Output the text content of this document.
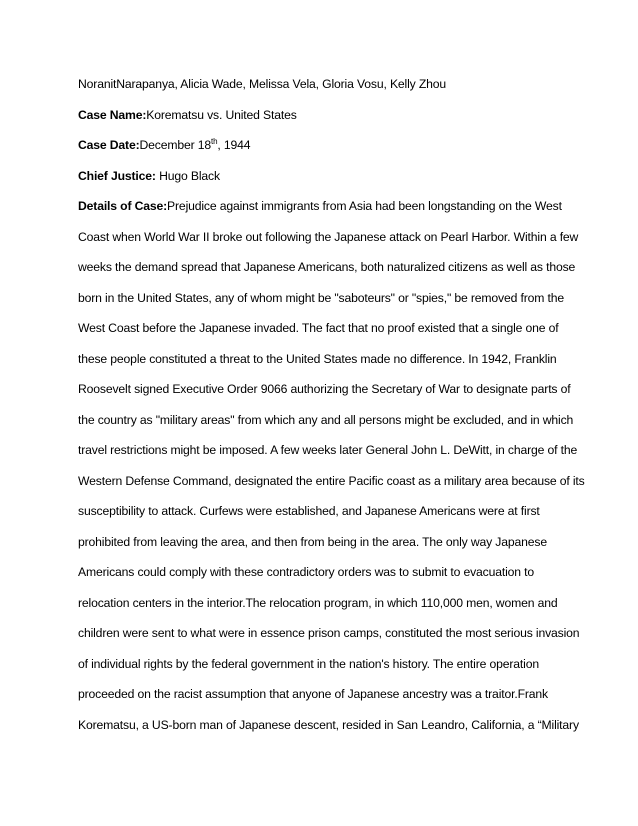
NoranitNarapanya, Alicia Wade, Melissa Vela, Gloria Vosu, Kelly Zhou
Case Name:Korematsu vs. United States
Case Date:December 18th, 1944
Chief Justice: Hugo Black
Details of Case:Prejudice against immigrants from Asia had been longstanding on the West
Coast when World War II broke out following the Japanese attack on Pearl Harbor. Within a few
weeks the demand spread that Japanese Americans, both naturalized citizens as well as those
born in the United States, any of whom might be "saboteurs" or "spies," be removed from the
West Coast before the Japanese invaded. The fact that no proof existed that a single one of
these people constituted a threat to the United States made no difference. In 1942, Franklin
Roosevelt signed Executive Order 9066 authorizing the Secretary of War to designate parts of
the country as "military areas" from which any and all persons might be excluded, and in which
travel restrictions might be imposed. A few weeks later General John L. DeWitt, in charge of the
Western Defense Command, designated the entire Pacific coast as a military area because of its
susceptibility to attack. Curfews were established, and Japanese Americans were at first
prohibited from leaving the area, and then from being in the area. The only way Japanese
Americans could comply with these contradictory orders was to submit to evacuation to
relocation centers in the interior.The relocation program, in which 110,000 men, women and
children were sent to what were in essence prison camps, constituted the most serious invasion
of individual rights by the federal government in the nation's history. The entire operation
proceeded on the racist assumption that anyone of Japanese ancestry was a traitor.Frank
Korematsu, a US-born man of Japanese descent, resided in San Leandro, California, a “Military
